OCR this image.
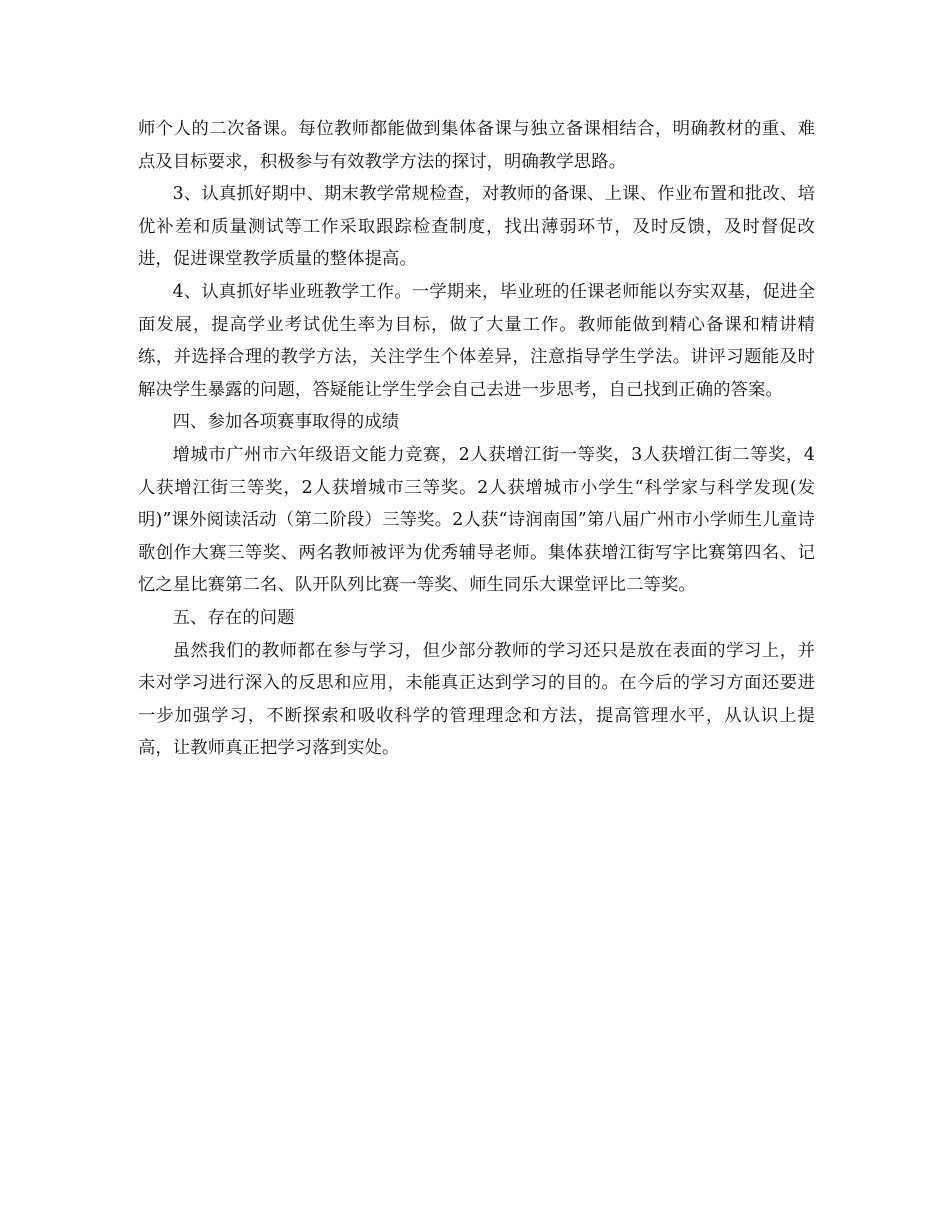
师个人的二次备课。每位教师都能做到集体备课与独立备课相结合，明确教材的重、难点及目标要求，积极参与有效教学方法的探讨，明确教学思路。

3、认真抓好期中、期末教学常规检查，对教师的备课、上课、作业布置和批改、培优补差和质量测试等工作采取跟踪检查制度，找出薄弱环节，及时反馈，及时督促改进，促进课堂教学质量的整体提高。

4、认真抓好毕业班教学工作。一学期来，毕业班的任课老师能以夯实双基，促进全面发展，提高学业考试优生率为目标，做了大量工作。教师能做到精心备课和精讲精练，并选择合理的教学方法，关注学生个体差异，注意指导学生学法。讲评习题能及时解决学生暴露的问题，答疑能让学生学会自己去进一步思考，自己找到正确的答案。

四、参加各项赛事取得的成绩

增城市广州市六年级语文能力竞赛，2人获增江街一等奖，3人获增江街二等奖，4人获增江街三等奖，2人获增城市三等奖。2人获增城市小学生“科学家与科学发现(发明)”课外阅读活动（第二阶段）三等奖。2人获“诗润南国”第八届广州市小学师生儿童诗歌创作大赛三等奖、两名教师被评为优秀辅导老师。集体获增江街写字比赛第四名、记忆之星比赛第二名、队开队列比赛一等奖、师生同乐大课堂评比二等奖。

五、存在的问题

虽然我们的教师都在参与学习，但少部分教师的学习还只是放在表面的学习上，并未对学习进行深入的反思和应用，未能真正达到学习的目的。在今后的学习方面还要进一步加强学习，不断探索和吸收科学的管理理念和方法，提高管理水平，从认识上提高，让教师真正把学习落到实处。
